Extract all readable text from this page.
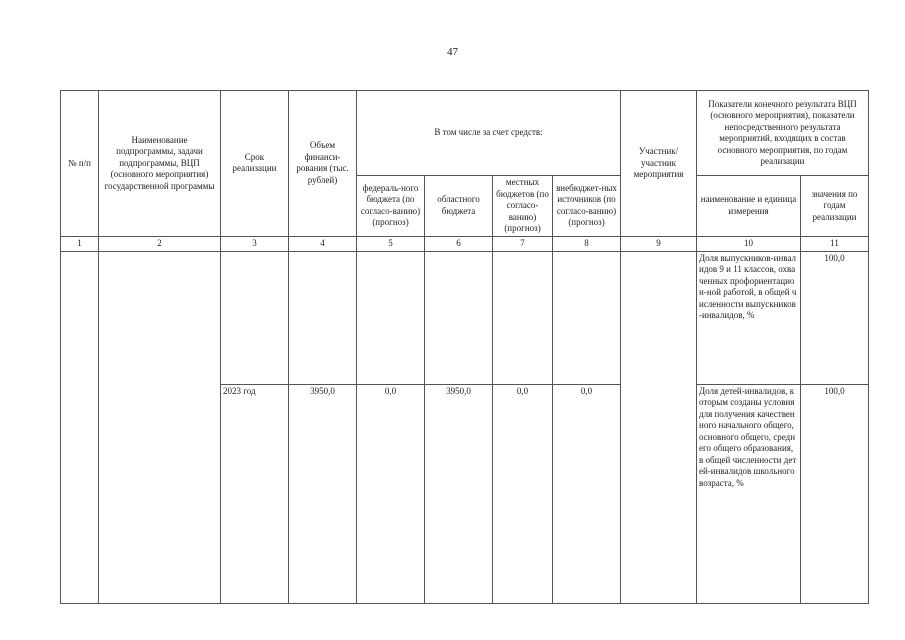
47
№ п/п	Наименование подпрограммы, задачи подпрограммы, ВЦП (основного мероприятия) государственной программы	Срок реализации	Объем финанси-рования (тыс. рублей)	В том числе за счет средств:				Участник/ участник мероприятия	Показатели конечного результата ВЦП (основного мероприятия), показатели непосредственного результата мероприятий, входящих в состав основного мероприятия, по годам реализации	
				федераль-ного бюджета (по согласо-ванию) (прогноз)	областного бюджета	местных бюджетов (по согласо-ванию) (прогноз)	внебюджет-ных источников (по согласо-ванию) (прогноз)		наименование и единица измерения	значения по годам реализации
1	2	3	4	5	6	7	8	9	10	11
									Доля выпускников-инвалидов 9 и 11 классов, охваченных профориентацион-ной работой, в общей численности выпускников-инвалидов, %	100,0
		2023 год	3950,0	0,0	3950,0	0,0	0,0		Доля детей-инвалидов, которым созданы условия для получения качественного начального общего, основного общего, среднего общего образования, в общей численности детей-инвалидов школьного возраста, %	100,0
